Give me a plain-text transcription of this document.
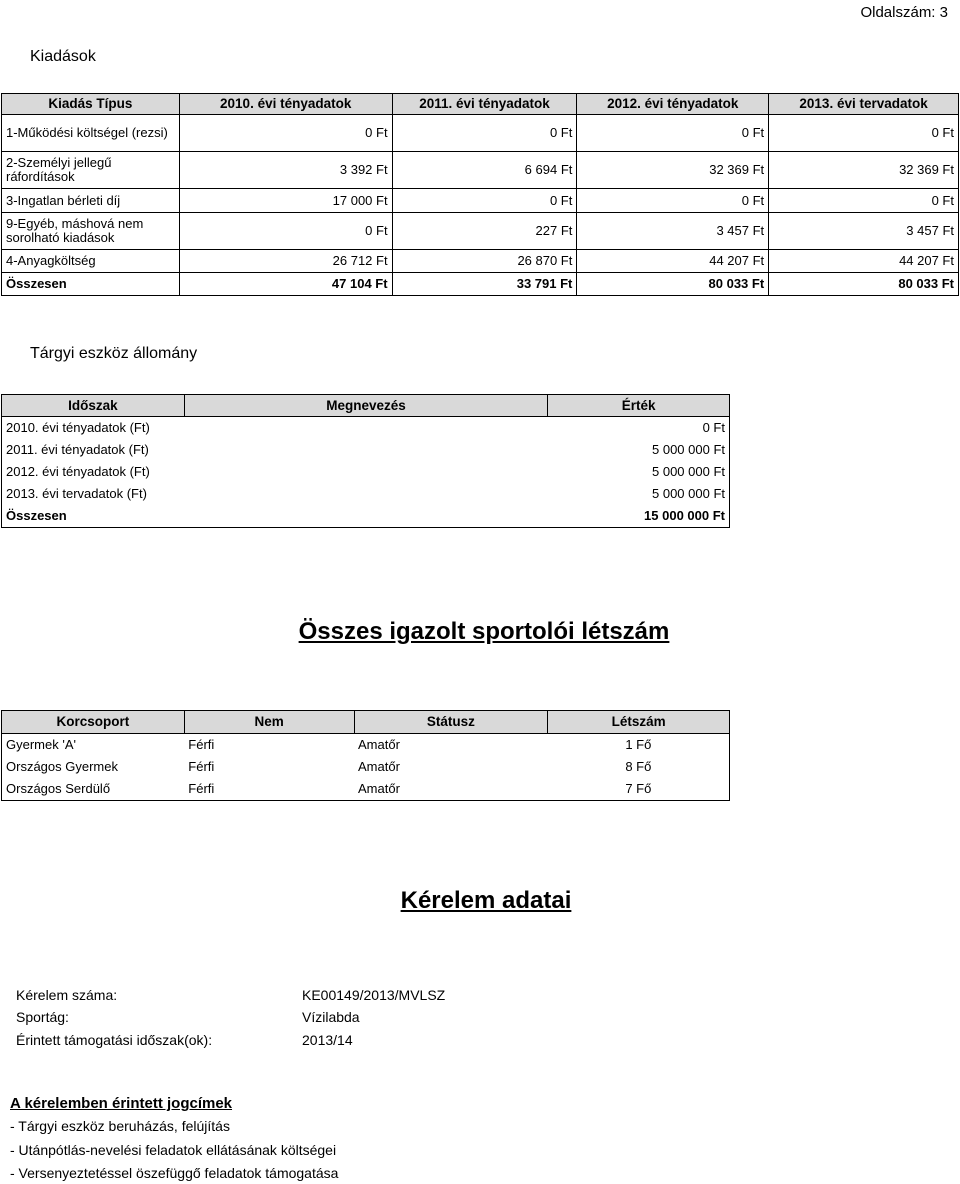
Oldalszám: 3
Kiadások
Kiadás Típus	2010. évi tényadatok	2011. évi tényadatok	2012. évi tényadatok	2013. évi tervadatok
1-Működési költségel (rezsi)	0 Ft	0 Ft	0 Ft	0 Ft
2-Személyi jellegű ráfordítások	3 392 Ft	6 694 Ft	32 369 Ft	32 369 Ft
3-Ingatlan bérleti díj	17 000 Ft	0 Ft	0 Ft	0 Ft
9-Egyéb, máshová nem sorolható kiadások	0 Ft	227 Ft	3 457 Ft	3 457 Ft
4-Anyagköltség	26 712 Ft	26 870 Ft	44 207 Ft	44 207 Ft
Összesen	47 104 Ft	33 791 Ft	80 033 Ft	80 033 Ft
Tárgyi eszköz állomány
Időszak	Megnevezés	Érték
2010. évi tényadatok (Ft)		0 Ft
2011. évi tényadatok (Ft)		5 000 000 Ft
2012. évi tényadatok (Ft)		5 000 000 Ft
2013. évi tervadatok (Ft)		5 000 000 Ft
Összesen		15 000 000 Ft
Összes igazolt sportolói létszám
Korcsoport	Nem	Státusz	Létszám
Gyermek 'A'	Férfi	Amatőr	1 Fő
Országos Gyermek	Férfi	Amatőr	8 Fő
Országos Serdülő	Férfi	Amatőr	7 Fő
Kérelem adatai
Kérelem száma:	KE00149/2013/MVLSZ
Sportág:	Vízilabda
Érintett támogatási időszak(ok):	2013/14
A kérelemben érintett jogcímek
- Tárgyi eszköz beruházás, felújítás
- Utánpótlás-nevelési feladatok ellátásának költségei
- Versenyeztetéssel öszefüggő feladatok támogatása
